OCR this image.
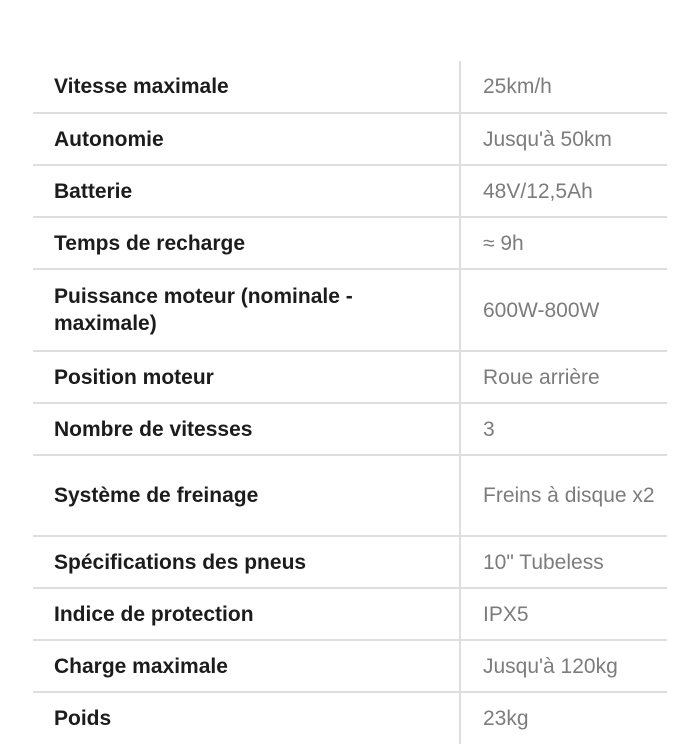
Vitesse maximale	25km/h
Autonomie	Jusqu'à 50km
Batterie	48V/12,5Ah
Temps de recharge	≈ 9h
Puissance moteur (nominale - maximale)	600W-800W
Position moteur	Roue arrière
Nombre de vitesses	3
Système de freinage	Freins à disque x2
Spécifications des pneus	10" Tubeless
Indice de protection	IPX5
Charge maximale	Jusqu'à 120kg
Poids	23kg
